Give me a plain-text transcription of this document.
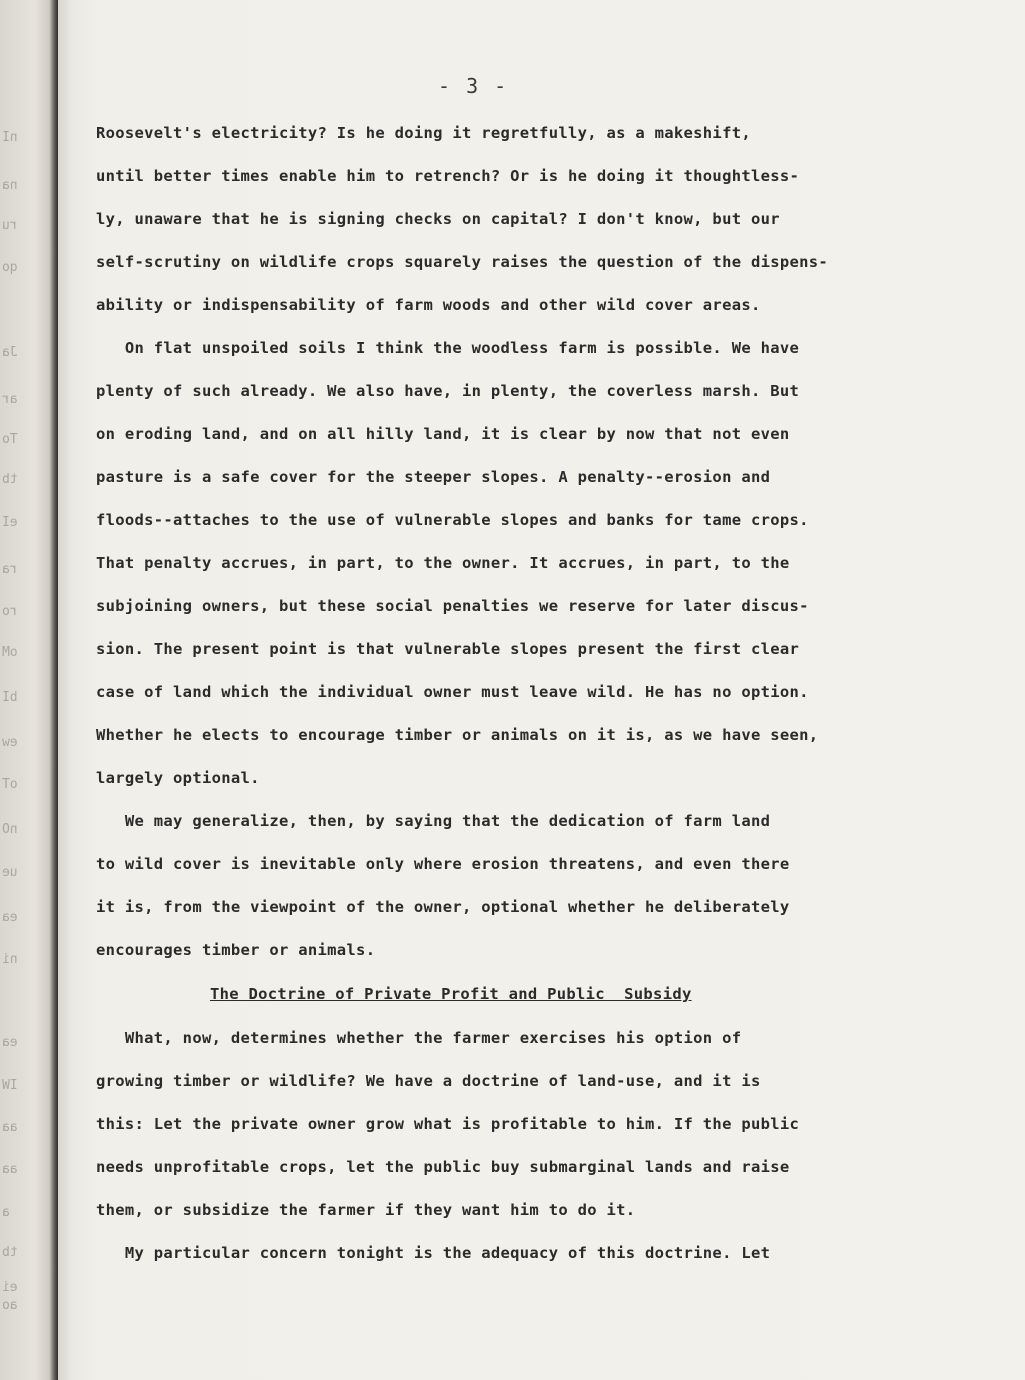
nI
na
ru
qo
Ja
ar
To
tb
eI
ra
ro
oM
bI
ew
oT
nO
ue
ea
ni
ea
IW
aa
aa
a
tb
ei
ao
- 3 -

Roosevelt's electricity? Is he doing it regretfully, as a makeshift,

until better times enable him to retrench? Or is he doing it thoughtless-

ly, unaware that he is signing checks on capital? I don't know, but our

self-scrutiny on wildlife crops squarely raises the question of the dispens-

ability or indispensability of farm woods and other wild cover areas.

On flat unspoiled soils I think the woodless farm is possible. We have

plenty of such already. We also have, in plenty, the coverless marsh. But

on eroding land, and on all hilly land, it is clear by now that not even

pasture is a safe cover for the steeper slopes. A penalty--erosion and

floods--attaches to the use of vulnerable slopes and banks for tame crops.

That penalty accrues, in part, to the owner. It accrues, in part, to the

subjoining owners, but these social penalties we reserve for later discus-

sion. The present point is that vulnerable slopes present the first clear

case of land which the individual owner must leave wild. He has no option.

Whether he elects to encourage timber or animals on it is, as we have seen,

largely optional.

We may generalize, then, by saying that the dedication of farm land

to wild cover is inevitable only where erosion threatens, and even there

it is, from the viewpoint of the owner, optional whether he deliberately

encourages timber or animals.

The Doctrine of Private Profit and Public  Subsidy

What, now, determines whether the farmer exercises his option of

growing timber or wildlife? We have a doctrine of land-use, and it is

this: Let the private owner grow what is profitable to him. If the public

needs unprofitable crops, let the public buy submarginal lands and raise

them, or subsidize the farmer if they want him to do it.

My particular concern tonight is the adequacy of this doctrine. Let
